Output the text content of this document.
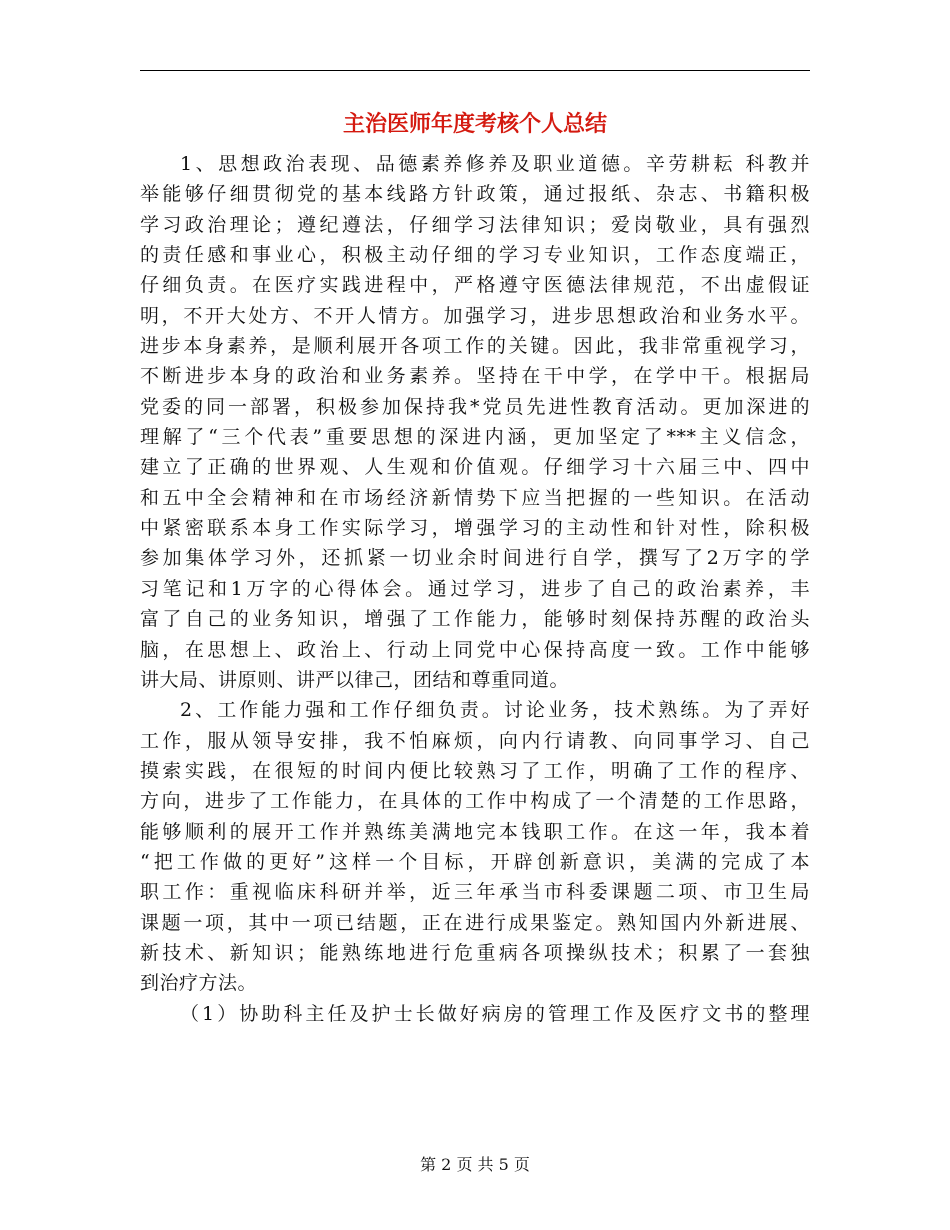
主治医师年度考核个人总结
1、思想政治表现、品德素养修养及职业道德。辛劳耕耘 科教并
举能够仔细贯彻党的基本线路方针政策，通过报纸、杂志、书籍积极
学习政治理论；遵纪遵法，仔细学习法律知识；爱岗敬业，具有强烈
的责任感和事业心，积极主动仔细的学习专业知识，工作态度端正，
仔细负责。在医疗实践进程中，严格遵守医德法律规范，不出虚假证
明，不开大处方、不开人情方。加强学习，进步思想政治和业务水平。
进步本身素养，是顺利展开各项工作的关键。因此，我非常重视学习，
不断进步本身的政治和业务素养。坚持在干中学，在学中干。根据局
党委的同一部署，积极参加保持我*党员先进性教育活动。更加深进的
理解了“三个代表”重要思想的深进内涵，更加坚定了***主义信念，
建立了正确的世界观、人生观和价值观。仔细学习十六届三中、四中
和五中全会精神和在市场经济新情势下应当把握的一些知识。在活动
中紧密联系本身工作实际学习，增强学习的主动性和针对性，除积极
参加集体学习外，还抓紧一切业余时间进行自学，撰写了2万字的学
习笔记和1万字的心得体会。通过学习，进步了自己的政治素养，丰
富了自己的业务知识，增强了工作能力，能够时刻保持苏醒的政治头
脑，在思想上、政治上、行动上同党中心保持高度一致。工作中能够
讲大局、讲原则、讲严以律己，团结和尊重同道。
2、工作能力强和工作仔细负责。讨论业务，技术熟练。为了弄好
工作，服从领导安排，我不怕麻烦，向内行请教、向同事学习、自己
摸索实践，在很短的时间内便比较熟习了工作，明确了工作的程序、
方向，进步了工作能力，在具体的工作中构成了一个清楚的工作思路，
能够顺利的展开工作并熟练美满地完本钱职工作。在这一年，我本着
“把工作做的更好”这样一个目标，开辟创新意识，美满的完成了本
职工作：重视临床科研并举，近三年承当市科委课题二项、市卫生局
课题一项，其中一项已结题，正在进行成果鉴定。熟知国内外新进展、
新技术、新知识；能熟练地进行危重病各项操纵技术；积累了一套独
到治疗方法。
（1）协助科主任及护士长做好病房的管理工作及医疗文书的整理
第 2 页 共 5 页
